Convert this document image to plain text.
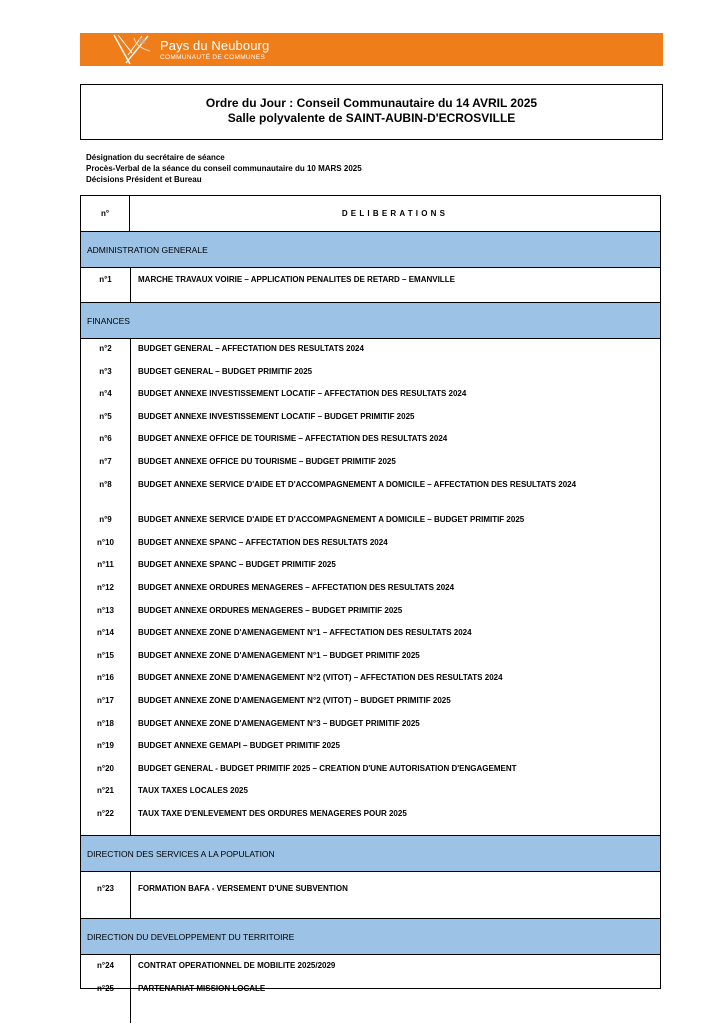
Pays du Neubourg
COMMUNAUTÉ DE COMMUNES
Ordre du Jour : Conseil Communautaire du 14 AVRIL 2025
Salle polyvalente de SAINT-AUBIN-D'ECROSVILLE
Désignation du secrétaire de séance
Procès-Verbal de la séance du conseil communautaire du 10 MARS 2025
Décisions Président et Bureau
n°	DELIBERATIONS
ADMINISTRATION GENERALE
n°1	MARCHE TRAVAUX VOIRIE – APPLICATION PENALITES DE RETARD – EMANVILLE
FINANCES
n°2	BUDGET GENERAL – AFFECTATION DES RESULTATS 2024
n°3	BUDGET GENERAL – BUDGET PRIMITIF 2025
n°4	BUDGET ANNEXE INVESTISSEMENT LOCATIF – AFFECTATION DES RESULTATS 2024
n°5	BUDGET ANNEXE INVESTISSEMENT LOCATIF – BUDGET PRIMITIF 2025
n°6	BUDGET ANNEXE OFFICE DE TOURISME – AFFECTATION DES RESULTATS 2024
n°7	BUDGET ANNEXE OFFICE DU TOURISME – BUDGET PRIMITIF 2025
n°8	BUDGET ANNEXE SERVICE D'AIDE ET D'ACCOMPAGNEMENT A DOMICILE – AFFECTATION DES RESULTATS 2024
n°9	BUDGET ANNEXE SERVICE D'AIDE ET D'ACCOMPAGNEMENT A DOMICILE – BUDGET PRIMITIF 2025
n°10	BUDGET ANNEXE SPANC – AFFECTATION DES RESULTATS 2024
n°11	BUDGET ANNEXE SPANC – BUDGET PRIMITIF 2025
n°12	BUDGET ANNEXE ORDURES MENAGERES – AFFECTATION DES RESULTATS 2024
n°13	BUDGET ANNEXE ORDURES MENAGERES – BUDGET PRIMITIF 2025
n°14	BUDGET ANNEXE ZONE D'AMENAGEMENT N°1 – AFFECTATION DES RESULTATS 2024
n°15	BUDGET ANNEXE ZONE D'AMENAGEMENT N°1 – BUDGET PRIMITIF 2025
n°16	BUDGET ANNEXE ZONE D'AMENAGEMENT N°2 (VITOT) – AFFECTATION DES RESULTATS 2024
n°17	BUDGET ANNEXE ZONE D'AMENAGEMENT N°2 (VITOT) – BUDGET PRIMITIF 2025
n°18	BUDGET ANNEXE ZONE D'AMENAGEMENT N°3 – BUDGET PRIMITIF 2025
n°19	BUDGET ANNEXE GEMAPI – BUDGET PRIMITIF 2025
n°20	BUDGET GENERAL - BUDGET PRIMITIF 2025 – CREATION D'UNE AUTORISATION D'ENGAGEMENT
n°21	TAUX TAXES LOCALES 2025
n°22	TAUX TAXE D'ENLEVEMENT DES ORDURES MENAGERES POUR 2025
DIRECTION DES SERVICES A LA POPULATION
n°23	FORMATION BAFA - VERSEMENT D'UNE SUBVENTION
DIRECTION DU DEVELOPPEMENT DU TERRITOIRE
n°24	CONTRAT OPERATIONNEL DE MOBILITE 2025/2029
n°25	PARTENARIAT MISSION LOCALE
